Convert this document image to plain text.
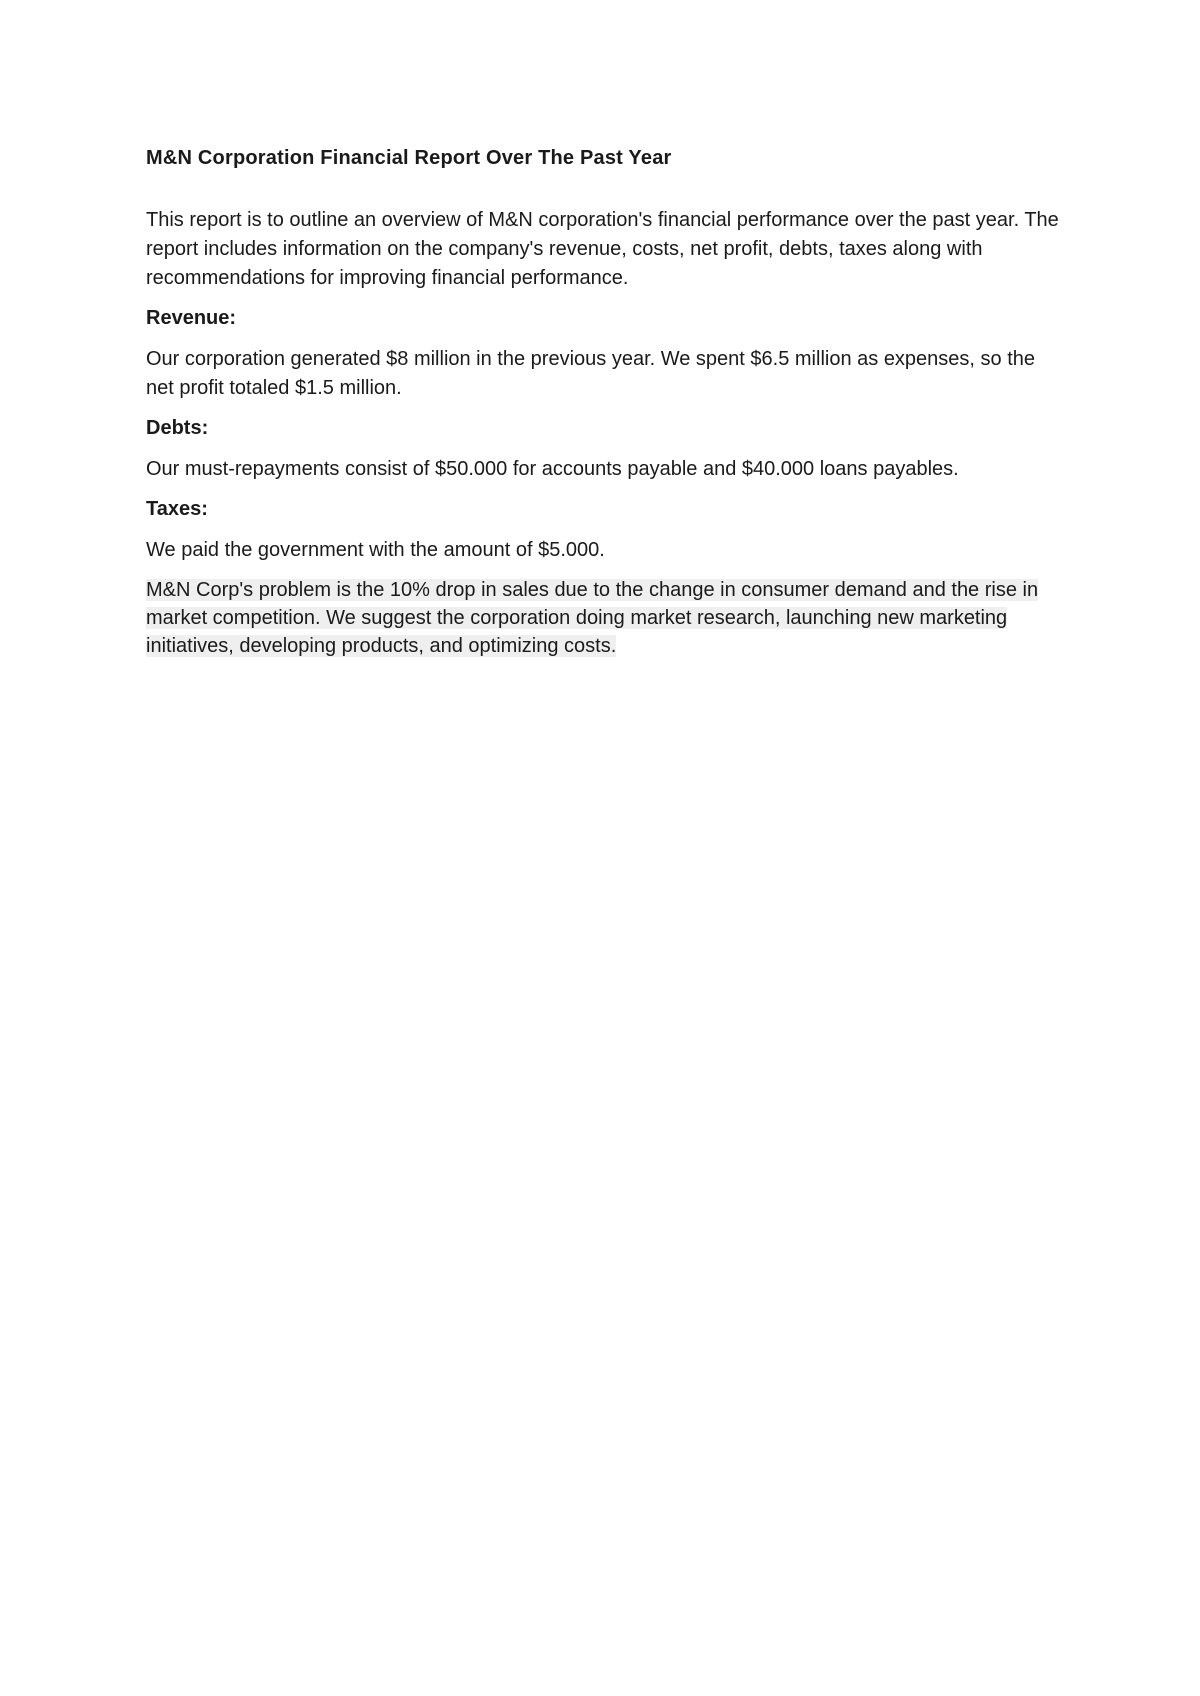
M&N Corporation Financial Report Over The Past Year

This report is to outline an overview of M&N corporation's financial performance over the past year. The report includes information on the company's revenue, costs, net profit, debts, taxes along with recommendations for improving financial performance.

Revenue:

Our corporation generated $8 million in the previous year. We spent $6.5 million as expenses, so the net profit totaled $1.5 million.

Debts:

Our must-repayments consist of $50.000 for accounts payable and $40.000 loans payables.

Taxes:

We paid the government with the amount of $5.000.

M&N Corp's problem is the 10% drop in sales due to the change in consumer demand and the rise in market competition. We suggest the corporation doing market research, launching new marketing initiatives, developing products, and optimizing costs.
